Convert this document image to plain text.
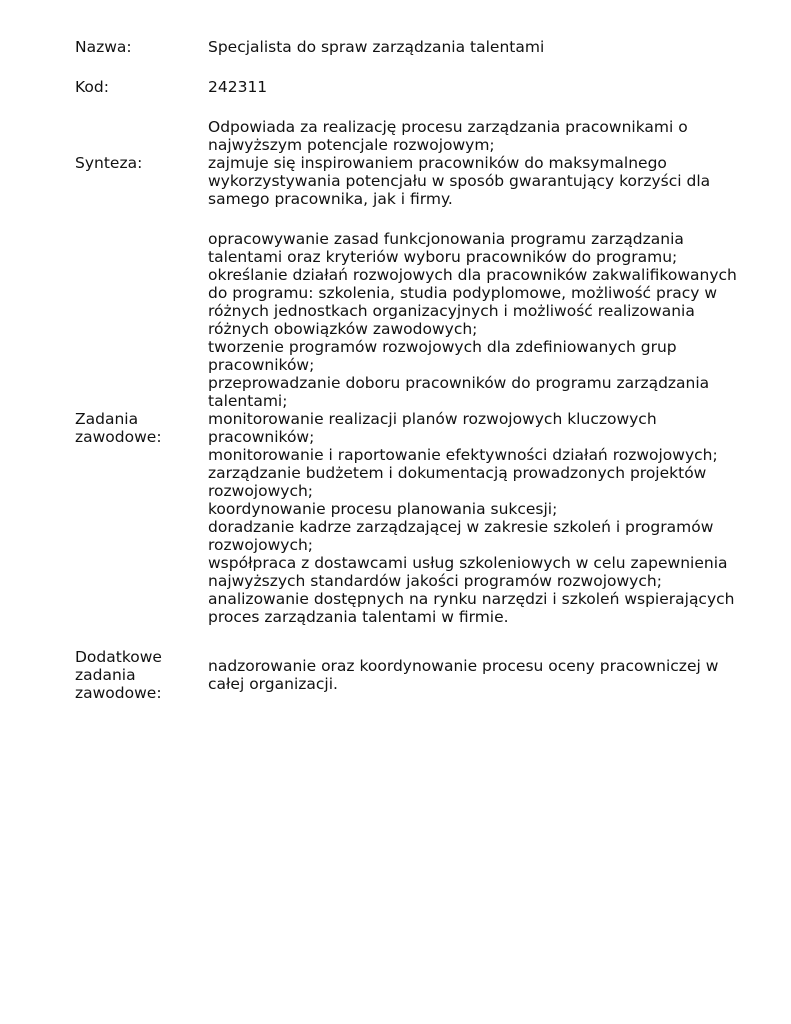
Nazwa:	Specjalista do spraw zarządzania talentami
Kod:	242311
Synteza:
Odpowiada za realizację procesu zarządzania pracownikami o
najwyższym potencjale rozwojowym;
zajmuje się inspirowaniem pracowników do maksymalnego
wykorzystywania potencjału w sposób gwarantujący korzyści dla
samego pracownika, jak i firmy.
Zadania zawodowe:
opracowywanie zasad funkcjonowania programu zarządzania
talentami oraz kryteriów wyboru pracowników do programu;
określanie działań rozwojowych dla pracowników zakwalifikowanych
do programu: szkolenia, studia podyplomowe, możliwość pracy w
różnych jednostkach organizacyjnych i możliwość realizowania
różnych obowiązków zawodowych;
tworzenie programów rozwojowych dla zdefiniowanych grup
pracowników;
przeprowadzanie doboru pracowników do programu zarządzania
talentami;
monitorowanie realizacji planów rozwojowych kluczowych
pracowników;
monitorowanie i raportowanie efektywności działań rozwojowych;
zarządzanie budżetem i dokumentacją prowadzonych projektów
rozwojowych;
koordynowanie procesu planowania sukcesji;
doradzanie kadrze zarządzającej w zakresie szkoleń i programów
rozwojowych;
współpraca z dostawcami usług szkoleniowych w celu zapewnienia
najwyższych standardów jakości programów rozwojowych;
analizowanie dostępnych na rynku narzędzi i szkoleń wspierających
proces zarządzania talentami w firmie.
Dodatkowe zadania zawodowe:
nadzorowanie oraz koordynowanie procesu oceny pracowniczej w
całej organizacji.
